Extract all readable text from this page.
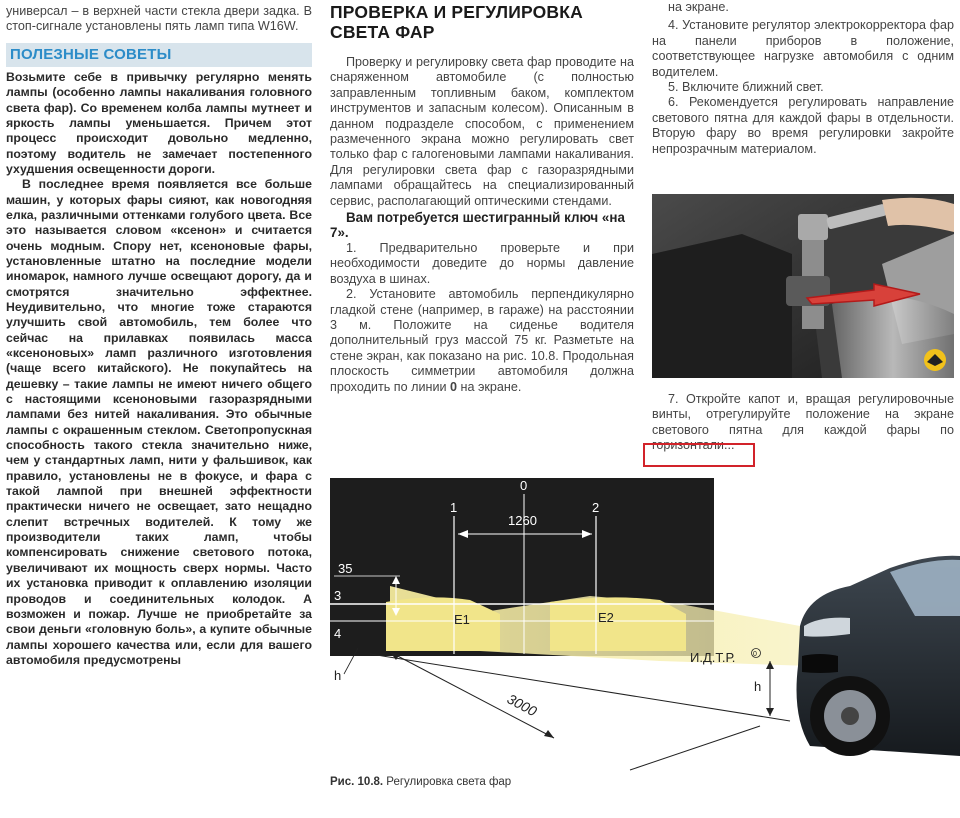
универсал – в верхней части стекла двери задка. В стоп-сигнале установлены пять ламп типа W16W.
ПОЛЕЗНЫЕ СОВЕТЫ
Возьмите себе в привычку регулярно менять лампы (особенно лампы накаливания головного света фар). Со временем колба лампы мутнеет и яркость лампы уменьшается. Причем этот процесс происходит довольно медленно, поэтому водитель не замечает постепенного ухудшения освещенности дороги.
В последнее время появляется все больше машин, у которых фары сияют, как новогодняя елка, различными оттенками голубого цвета. Все это называется словом «ксенон» и считается очень модным. Спору нет, ксеноновые фары, установленные штатно на последние модели иномарок, намного лучше освещают дорогу, да и смотрятся значительно эффектнее. Неудивительно, что многие тоже стараются улучшить свой автомобиль, тем более что сейчас на прилавках появилась масса «ксеноновых» ламп различного изготовления (чаще всего китайского). Не покупайтесь на дешевку – такие лампы не имеют ничего общего с настоящими ксеноновыми газоразрядными лампами без нитей накаливания. Это обычные лампы с окрашенным стеклом. Светопропускная способность такого стекла значительно ниже, чем у стандартных ламп, нити у фальшивок, как правило, установлены не в фокусе, и фара с такой лампой при внешней эффектности практически ничего не освещает, зато нещадно слепит встречных водителей. К тому же производители таких ламп, чтобы компенсировать снижение светового потока, увеличивают их мощность сверх нормы. Часто их установка приводит к оплавлению изоляции проводов и соединительных колодок. А возможен и пожар. Лучше не приобретайте за свои деньги «головную боль», а купите обычные лампы хорошего качества или, если для вашего автомобиля предусмотрены
ПРОВЕРКА И РЕГУЛИРОВКА
СВЕТА ФАР
Проверку и регулировку света фар проводите на снаряженном автомобиле (с полностью заправленным топливным баком, комплектом инструментов и запасным колесом). Описанным в данном подразделе способом, с применением размеченного экрана можно регулировать свет только фар с галогеновыми лампами накаливания. Для регулировки света фар с газоразрядными лампами обращайтесь на специализированный сервис, располагающий оптическими стендами.
Вам потребуется шестигранный ключ «на 7».
1. Предварительно проверьте и при необходимости доведите до нормы давление воздуха в шинах.
2. Установите автомобиль перпендикулярно гладкой стене (например, в гараже) на расстоянии 3 м. Положите на сиденье водителя дополнительный груз массой 75 кг. Разметьте на стене экран, как показано на рис. 10.8. Продольная плоскость симметрии автомобиля должна проходить по линии 0 на экране.
на экране.
4. Установите регулятор электрокорректора фар на панели приборов в положение, соответствующее нагрузке автомобиля с одним водителем.
5. Включите ближний свет.
6. Рекомендуется регулировать направление светового пятна для каждой фары в отдельности. Вторую фару во время регулировки закройте непрозрачным материалом.
7. Откройте капот и, вращая регулировочные винты, отрегулируйте положение на экране светового пятна для каждой фары по горизонтали...
0
1	2
1260
35
3
4
E1	E2
3000
h
h
И.Д.Т.Р.	0
Рис. 10.8. Регулировка света фар
